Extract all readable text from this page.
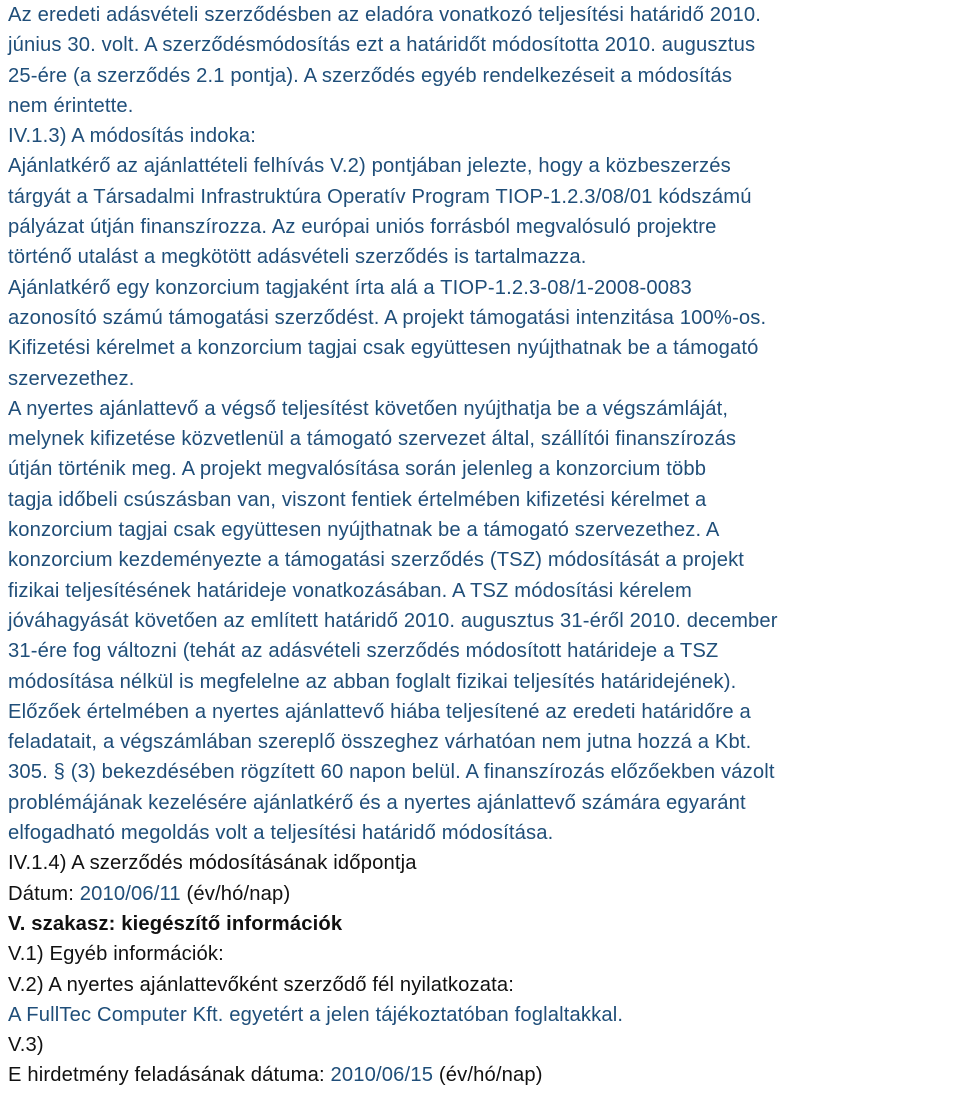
Az eredeti adásvételi szerződésben az eladóra vonatkozó teljesítési határidő 2010.
június 30. volt. A szerződésmódosítás ezt a határidőt módosította 2010. augusztus
25-ére (a szerződés 2.1 pontja). A szerződés egyéb rendelkezéseit a módosítás
nem érintette.
IV.1.3) A módosítás indoka:
Ajánlatkérő az ajánlattételi felhívás V.2) pontjában jelezte, hogy a közbeszerzés
tárgyát a Társadalmi Infrastruktúra Operatív Program TIOP-1.2.3/08/01 kódszámú
pályázat útján finanszírozza. Az európai uniós forrásból megvalósuló projektre
történő utalást a megkötött adásvételi szerződés is tartalmazza.
Ajánlatkérő egy konzorcium tagjaként írta alá a TIOP-1.2.3-08/1-2008-0083
azonosító számú támogatási szerződést. A projekt támogatási intenzitása 100%-os.
Kifizetési kérelmet a konzorcium tagjai csak együttesen nyújthatnak be a támogató
szervezethez.
A nyertes ajánlattevő a végső teljesítést követően nyújthatja be a végszámláját,
melynek kifizetése közvetlenül a támogató szervezet által, szállítói finanszírozás
útján történik meg. A projekt megvalósítása során jelenleg a konzorcium több
tagja időbeli csúszásban van, viszont fentiek értelmében kifizetési kérelmet a
konzorcium tagjai csak együttesen nyújthatnak be a támogató szervezethez. A
konzorcium kezdeményezte a támogatási szerződés (TSZ) módosítását a projekt
fizikai teljesítésének határideje vonatkozásában. A TSZ módosítási kérelem
jóváhagyását követően az említett határidő 2010. augusztus 31-éről 2010. december
31-ére fog változni (tehát az adásvételi szerződés módosított határideje a TSZ
módosítása nélkül is megfelelne az abban foglalt fizikai teljesítés határidejének).
Előzőek értelmében a nyertes ajánlattevő hiába teljesítené az eredeti határidőre a
feladatait, a végszámlában szereplő összeghez várhatóan nem jutna hozzá a Kbt.
305. § (3) bekezdésében rögzített 60 napon belül. A finanszírozás előzőekben vázolt
problémájának kezelésére ajánlatkérő és a nyertes ajánlattevő számára egyaránt
elfogadható megoldás volt a teljesítési határidő módosítása.
IV.1.4) A szerződés módosításának időpontja
Dátum: 2010/06/11 (év/hó/nap)
V. szakasz: kiegészítő információk
V.1) Egyéb információk:
V.2) A nyertes ajánlattevőként szerződő fél nyilatkozata:
A FullTec Computer Kft. egyetért a jelen tájékoztatóban foglaltakkal.
V.3)
E hirdetmény feladásának dátuma: 2010/06/15 (év/hó/nap)
